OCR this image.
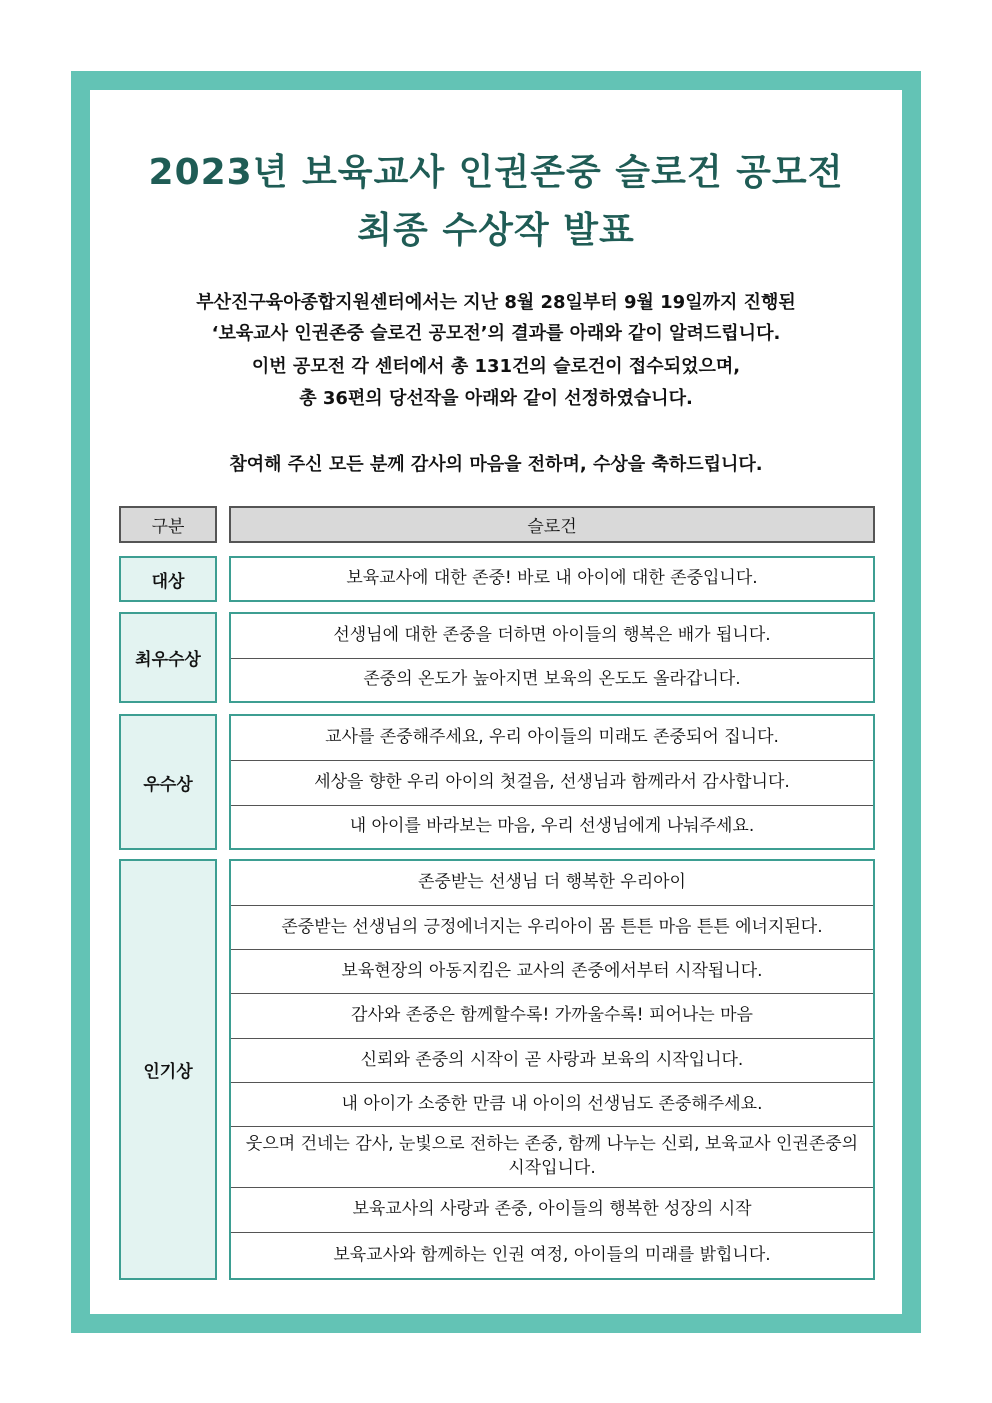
2023년 보육교사 인권존중 슬로건 공모전
최종 수상작 발표

부산진구육아종합지원센터에서는 지난 8월 28일부터 9월 19일까지 진행된

‘보육교사 인권존중 슬로건 공모전’의 결과를 아래와 같이 알려드립니다.

이번 공모전 각 센터에서 총 131건의 슬로건이 접수되었으며,

총 36편의 당선작을 아래와 같이 선정하였습니다.

참여해 주신 모든 분께 감사의 마음을 전하며, 수상을 축하드립니다.

구분	슬로건
대상	보육교사에 대한 존중! 바로 내 아이에 대한 존중입니다.
최우수상
선생님에 대한 존중을 더하면 아이들의 행복은 배가 됩니다.
존중의 온도가 높아지면 보육의 온도도 올라갑니다.
우수상
교사를 존중해주세요, 우리 아이들의 미래도 존중되어 집니다.
세상을 향한 우리 아이의 첫걸음, 선생님과 함께라서 감사합니다.
내 아이를 바라보는 마음, 우리 선생님에게 나눠주세요.
인기상
존중받는 선생님 더 행복한 우리아이
존중받는 선생님의 긍정에너지는 우리아이 몸 튼튼 마음 튼튼 에너지된다.
보육현장의 아동지킴은 교사의 존중에서부터 시작됩니다.
감사와 존중은 함께할수록! 가까울수록! 피어나는 마음
신뢰와 존중의 시작이 곧 사랑과 보육의 시작입니다.
내 아이가 소중한 만큼 내 아이의 선생님도 존중해주세요.
웃으며 건네는 감사, 눈빛으로 전하는 존중, 함께 나누는 신뢰, 보육교사 인권존중의 시작입니다.
보육교사의 사랑과 존중, 아이들의 행복한 성장의 시작
보육교사와 함께하는 인권 여정, 아이들의 미래를 밝힙니다.
